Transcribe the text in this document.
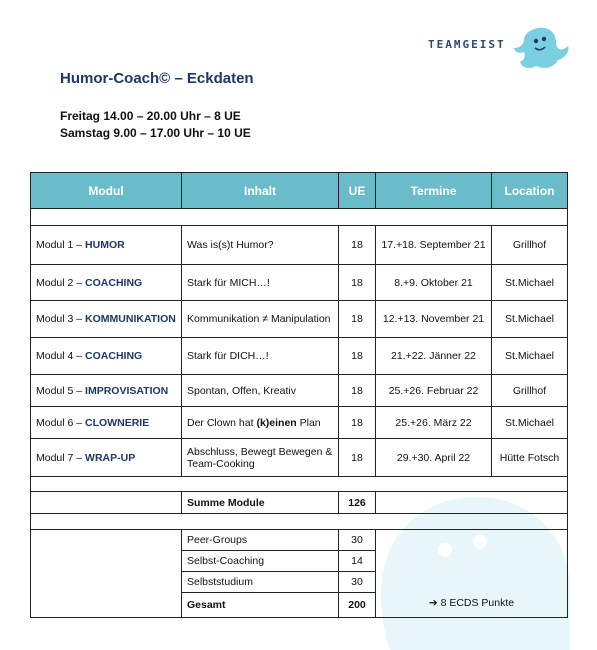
TEAMGEIST
Humor-Coach© – Eckdaten
Freitag 14.00 – 20.00 Uhr – 8 UE
Samstag 9.00 – 17.00 Uhr – 10 UE
Modul	Inhalt	UE	Termine	Location

Modul 1 – HUMOR	Was is(s)t Humor?	18	17.+18. September 21	Grillhof
Modul 2 – COACHING	Stark für MICH…!	18	8.+9. Oktober 21	St.Michael
Modul 3 – KOMMUNIKATION	Kommunikation ≠ Manipulation	18	12.+13. November 21	St.Michael
Modul 4 – COACHING	Stark für DICH…!	18	21.+22. Jänner 22	St.Michael
Modul 5 – IMPROVISATION	Spontan, Offen, Kreativ	18	25.+26. Februar 22	Grillhof
Modul 6 – CLOWNERIE	Der Clown hat (k)einen Plan	18	25.+26. März 22	St.Michael
Modul 7 – WRAP-UP	Abschluss, Bewegt Bewegen & Team-Cooking	18	29.+30. April 22	Hütte Fotsch

	Summe Module	126		

	Peer-Groups	30	➔ 8 ECDS Punkte	
	Selbst-Coaching	14		
	Selbststudium	30		
	Gesamt	200		
